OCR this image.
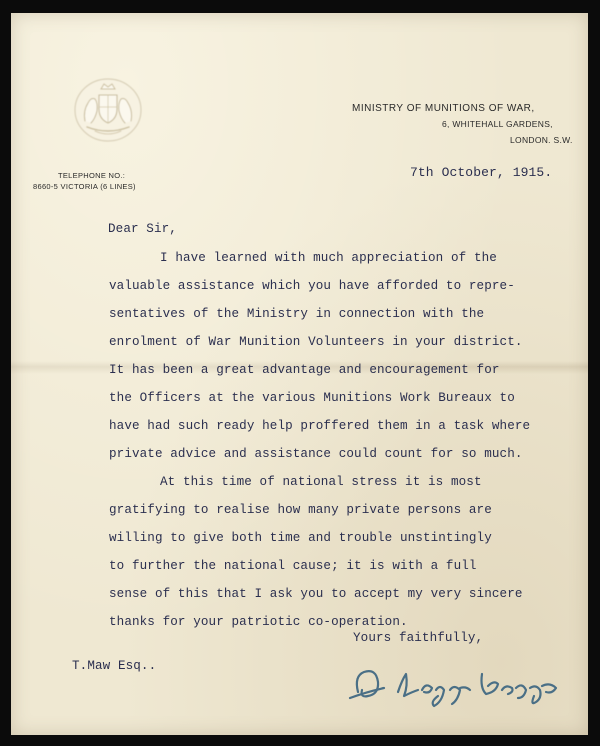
MINISTRY OF MUNITIONS OF WAR,
6, WHITEHALL GARDENS,
LONDON. S.W.
TELEPHONE NO.:
8660-5 VICTORIA (6 LINES)
7th October, 1915.
Dear Sir,
I have learned with much appreciation of the
valuable assistance which you have afforded to repre-
sentatives of the Ministry in connection with the
enrolment of War Munition Volunteers in your district.
It has been a great advantage and encouragement for
the Officers at the various Munitions Work Bureaux to
have had such ready help proffered them in a task where
private advice and assistance could count for so much.
At this time of national stress it is most
gratifying to realise how many private persons are
willing to give both time and trouble unstintingly
to further the national cause; it is with a full
sense of this that I ask you to accept my very sincere
thanks for your patriotic co-operation.
Yours faithfully,
T.Maw Esq..
